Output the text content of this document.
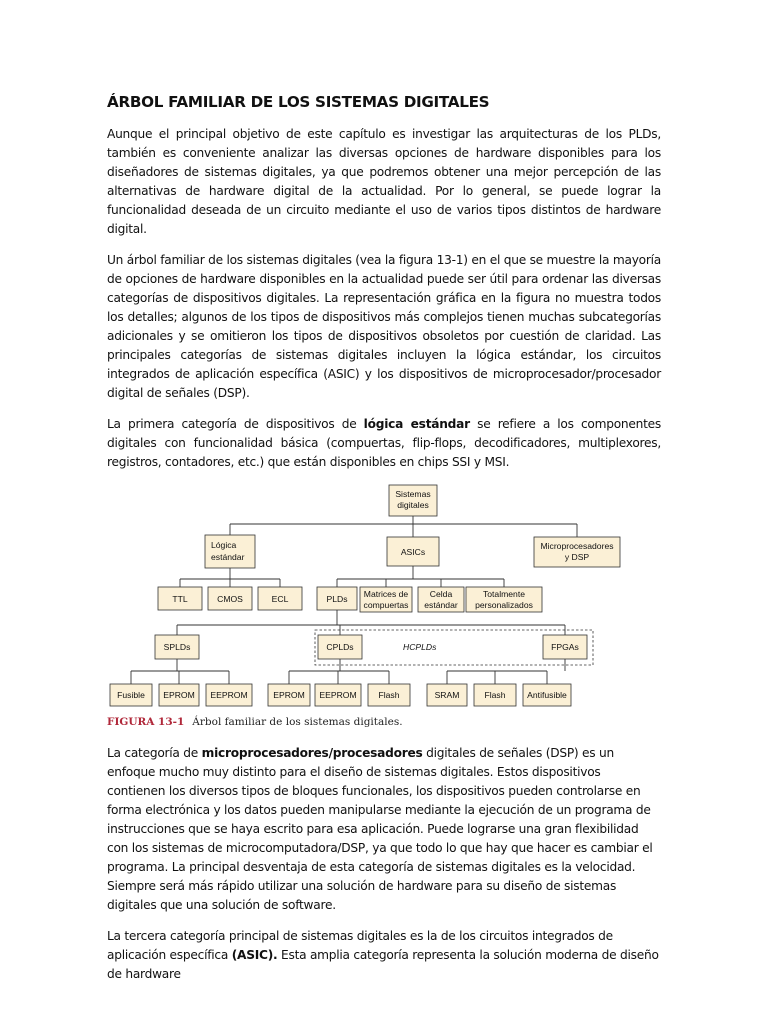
ÁRBOL FAMILIAR DE LOS SISTEMAS DIGITALES

Aunque el principal objetivo de este capítulo es investigar las arquitecturas de los PLDs, también es conveniente analizar las diversas opciones de hardware disponibles para los diseñadores de sistemas digitales, ya que podremos obtener una mejor percepción de las alternativas de hardware digital de la actualidad. Por lo general, se puede lograr la funcionalidad deseada de un circuito mediante el uso de varios tipos distintos de hardware digital.

Un árbol familiar de los sistemas digitales (vea la figura 13-1) en el que se muestre la mayoría de opciones de hardware disponibles en la actualidad puede ser útil para ordenar las diversas categorías de dispositivos digitales. La representación gráfica en la figura no muestra todos los detalles; algunos de los tipos de dispositivos más complejos tienen muchas subcategorías adicionales y se omitieron los tipos de dispositivos obsoletos por cuestión de claridad. Las principales categorías de sistemas digitales incluyen la lógica estándar, los circuitos integrados de aplicación específica (ASIC) y los dispositivos de microprocesador/procesador digital de señales (DSP).

La primera categoría de dispositivos de lógica estándar se refiere a los componentes digitales con funcionalidad básica (compuertas, flip-flops, decodificadores, multiplexores, registros, contadores, etc.) que están disponibles en chips SSI y MSI.

HCPLDs
Sistemas
digitales
Lógica
estándar	ASICs
Microprocesadores
y DSP
TTL	CMOS	ECL	PLDs Matrices de
compuertas
Celda
estándar
Totalmente
personalizados
SPLDs	CPLDs	FPGAs
Fusible EPROM EEPROM	EPROM EEPROM	Flash	SRAM	Flash	Antifusible
FIGURA 13-1 Árbol familiar de los sistemas digitales.

La categoría de microprocesadores/procesadores digitales de señales (DSP) es un enfoque mucho muy distinto para el diseño de sistemas digitales. Estos dispositivos contienen los diversos tipos de bloques funcionales, los dispositivos pueden controlarse en forma electrónica y los datos pueden manipularse mediante la ejecución de un programa de instrucciones que se haya escrito para esa aplicación. Puede lograrse una gran flexibilidad con los sistemas de microcomputadora/DSP, ya que todo lo que hay que hacer es cambiar el programa. La principal desventaja de esta categoría de sistemas digitales es la velocidad. Siempre será más rápido utilizar una solución de hardware para su diseño de sistemas digitales que una solución de software.

La tercera categoría principal de sistemas digitales es la de los circuitos integrados de aplicación específica (ASIC). Esta amplia categoría representa la solución moderna de diseño de hardware
